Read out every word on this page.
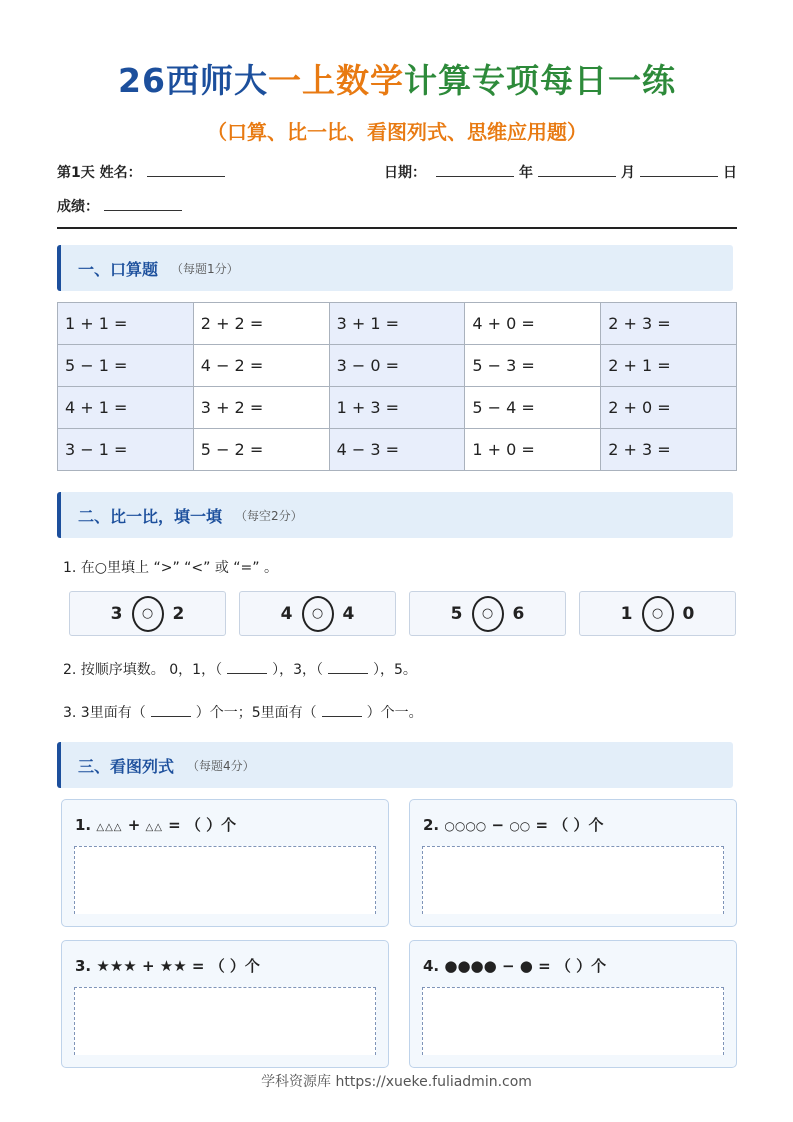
26西师大一上数学计算专项每日一练
（口算、比一比、看图列式、思维应用题）
第1天 姓名：	日期：	年	月	日
成绩：
一、口算题 （每题1分）
1 + 1 =	2 + 2 =	3 + 1 =	4 + 0 =	2 + 3 =
5 − 1 =	4 − 2 =	3 − 0 =	5 − 3 =	2 + 1 =
4 + 1 =	3 + 2 =	1 + 3 =	5 − 4 =	2 + 0 =
3 − 1 =	5 − 2 =	4 − 3 =	1 + 0 =	2 + 3 =
二、比一比，填一填 （每空2分）
1. 在○里填上 “>” “<” 或 “=” 。
3	○	2	4	○	4	5	○	6	1	○	0
2. 按顺序填数。 0，1，（	），3，（	），5。
3. 3里面有（	）个一；5里面有（	）个一。
三、看图列式 （每题4分）
1. △△△ + △△ = （ ）个	2. ○○○○ − ○○ = （ ）个
3. ★★★ + ★★ = （ ）个	4. ●●●● − ● = （ ）个
学科资源库 https://xueke.fuliadmin.com
